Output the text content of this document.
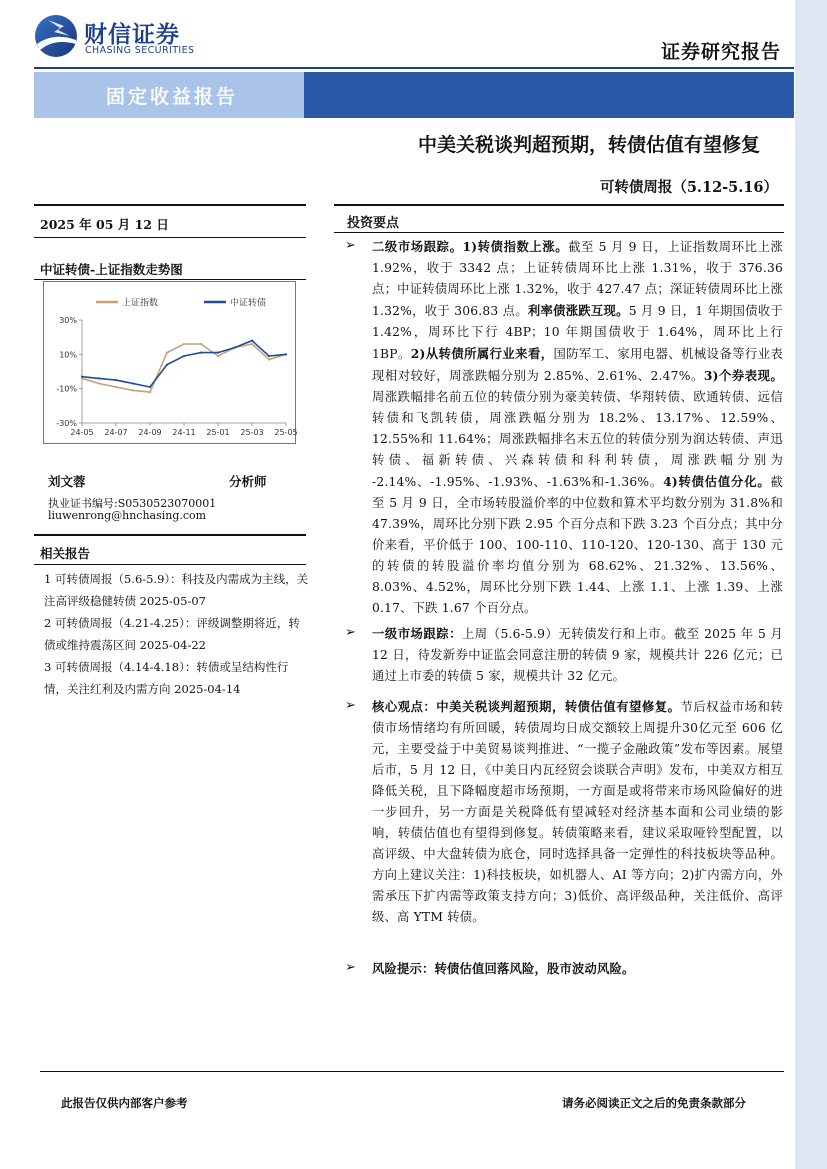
财信证券
CHASING SECURITIES	证券研究报告
固定收益报告
中美关税谈判超预期，转债估值有望修复
可转债周报（5.12-5.16）
2025 年 05 月 12 日
中证转债-上证指数走势图
30%
10%
-10%
-30%
24-05 24-07 24-09 24-11 25-01 25-03 25-05
上证指数	中证转债
刘文蓉	分析师
执业证书编号:S0530523070001
liuwenrong@hnchasing.com
相关报告
1 可转债周报（5.6-5.9）：科技及内需成为主线，关注高评级稳健转债 2025-05-07
2 可转债周报（4.21-4.25）：评级调整期将近，转债或维持震荡区间 2025-04-22
3 可转债周报（4.14-4.18）：转债或呈结构性行情，关注红利及内需方向 2025-04-14
投资要点
➢ 二级市场跟踪。1)转债指数上涨。截至 5 月 9 日，上证指数周环比上涨 1.92%，收于 3342 点；上证转债周环比上涨 1.31%，收于 376.36 点；中证转债周环比上涨 1.32%，收于 427.47 点；深证转债周环比上涨 1.32%，收于 306.83 点。利率债涨跌互现。5 月 9 日，1 年期国债收于 1.42%，周环比下行 4BP；10 年期国债收于 1.64%，周环比上行 1BP。2)从转债所属行业来看，国防军工、家用电器、机械设备等行业表现相对较好，周涨跌幅分别为 2.85%、2.61%、2.47%。3)个券表现。周涨跌幅排名前五位的转债分别为豪美转债、华翔转债、欧通转债、远信转债和飞凯转债，周涨跌幅分别为 18.2%、13.17%、12.59%、12.55%和 11.64%；周涨跌幅排名末五位的转债分别为润达转债、声迅转债、福新转债、兴森转债和科利转债，周涨跌幅分别为 -2.14%、-1.95%、-1.93%、-1.63%和-1.36%。4)转债估值分化。截至 5 月 9 日，全市场转股溢价率的中位数和算术平均数分别为 31.8%和 47.39%，周环比分别下跌 2.95 个百分点和下跌 3.23 个百分点；其中分价来看，平价低于 100、100-110、110-120、120-130、高于 130 元的转债的转股溢价率均值分别为 68.62%、21.32%、13.56%、8.03%、4.52%，周环比分别下跌 1.44、上涨 1.1、上涨 1.39、上涨 0.17、下跌 1.67 个百分点。
➢ 一级市场跟踪：上周（5.6-5.9）无转债发行和上市。截至 2025 年 5 月 12 日，待发新券中证监会同意注册的转债 9 家，规模共计 226 亿元；已通过上市委的转债 5 家，规模共计 32 亿元。
➢ 核心观点：中美关税谈判超预期，转债估值有望修复。节后权益市场和转债市场情绪均有所回暖，转债周均日成交额较上周提升30亿元至 606 亿元，主要受益于中美贸易谈判推进、“一揽子金融政策”发布等因素。展望后市，5 月 12 日，《中美日内瓦经贸会谈联合声明》发布，中美双方相互降低关税，且下降幅度超市场预期，一方面是或将带来市场风险偏好的进一步回升，另一方面是关税降低有望减轻对经济基本面和公司业绩的影响，转债估值也有望得到修复。转债策略来看，建议采取哑铃型配置，以高评级、中大盘转债为底仓，同时选择具备一定弹性的科技板块等品种。方向上建议关注：1)科技板块，如机器人、AI 等方向；2)扩内需方向，外需承压下扩内需等政策支持方向；3)低价、高评级品种，关注低价、高评级、高 YTM 转债。
➢ 风险提示：转债估值回落风险，股市波动风险。
此报告仅供内部客户参考	请务必阅读正文之后的免责条款部分
